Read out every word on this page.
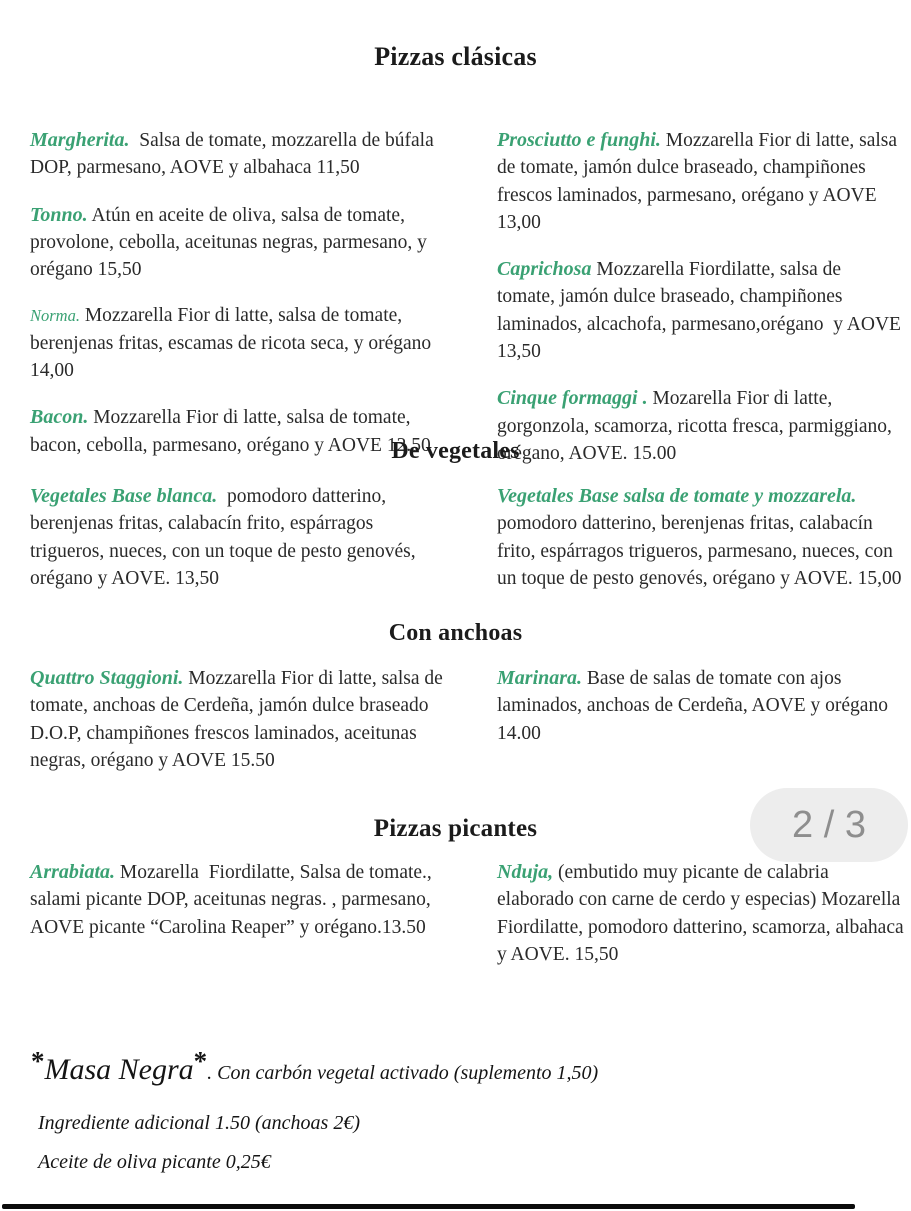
Pizzas clásicas

Margherita.  Salsa de tomate, mozzarella de búfala DOP, parmesano, AOVE y albahaca 11,50

Tonno. Atún en aceite de oliva, salsa de tomate, provolone, cebolla, aceitunas negras, parmesano, y orégano 15,50

Norma. Mozzarella Fior di latte, salsa de tomate, berenjenas fritas, escamas de ricota seca, y orégano 14,00

Bacon. Mozzarella Fior di latte, salsa de tomate, bacon, cebolla, parmesano, orégano y AOVE 12.50

Prosciutto e funghi. Mozzarella Fior di latte, salsa de tomate, jamón dulce braseado, champiñones frescos laminados, parmesano, orégano y AOVE 13,00

Caprichosa Mozzarella Fiordilatte, salsa de tomate, jamón dulce braseado, champiñones laminados, alcachofa, parmesano,orégano  y AOVE 13,50

Cinque formaggi . Mozarella Fior di latte, gorgonzola, scamorza, ricotta fresca, parmiggiano, orégano, AOVE. 15.00

De vegetales

Vegetales Base blanca.  pomodoro datterino, berenjenas fritas, calabacín frito, espárragos trigueros, nueces, con un toque de pesto genovés, orégano y AOVE. 13,50

Vegetales Base salsa de tomate y mozzarela. pomodoro datterino, berenjenas fritas, calabacín frito, espárragos trigueros, parmesano, nueces, con un toque de pesto genovés, orégano y AOVE. 15,00

Con anchoas

Quattro Staggioni. Mozzarella Fior di latte, salsa de tomate, anchoas de Cerdeña, jamón dulce braseado D.O.P, champiñones frescos laminados, aceitunas negras, orégano y AOVE 15.50

Marinara. Base de salas de tomate con ajos laminados, anchoas de Cerdeña, AOVE y orégano 14.00

Pizzas picantes

Arrabiata. Mozarella  Fiordilatte, Salsa de tomate., salami picante DOP, aceitunas negras. , parmesano, AOVE picante “Carolina Reaper” y orégano.13.50

Nduja, (embutido muy picante de calabria elaborado con carne de cerdo y especias) Mozarella  Fiordilatte, pomodoro datterino, scamorza, albahaca y AOVE. 15,50

2 / 3
*Masa Negra*. Con carbón vegetal activado (suplemento 1,50)
Ingrediente adicional 1.50 (anchoas 2€)
Aceite de oliva picante 0,25€
